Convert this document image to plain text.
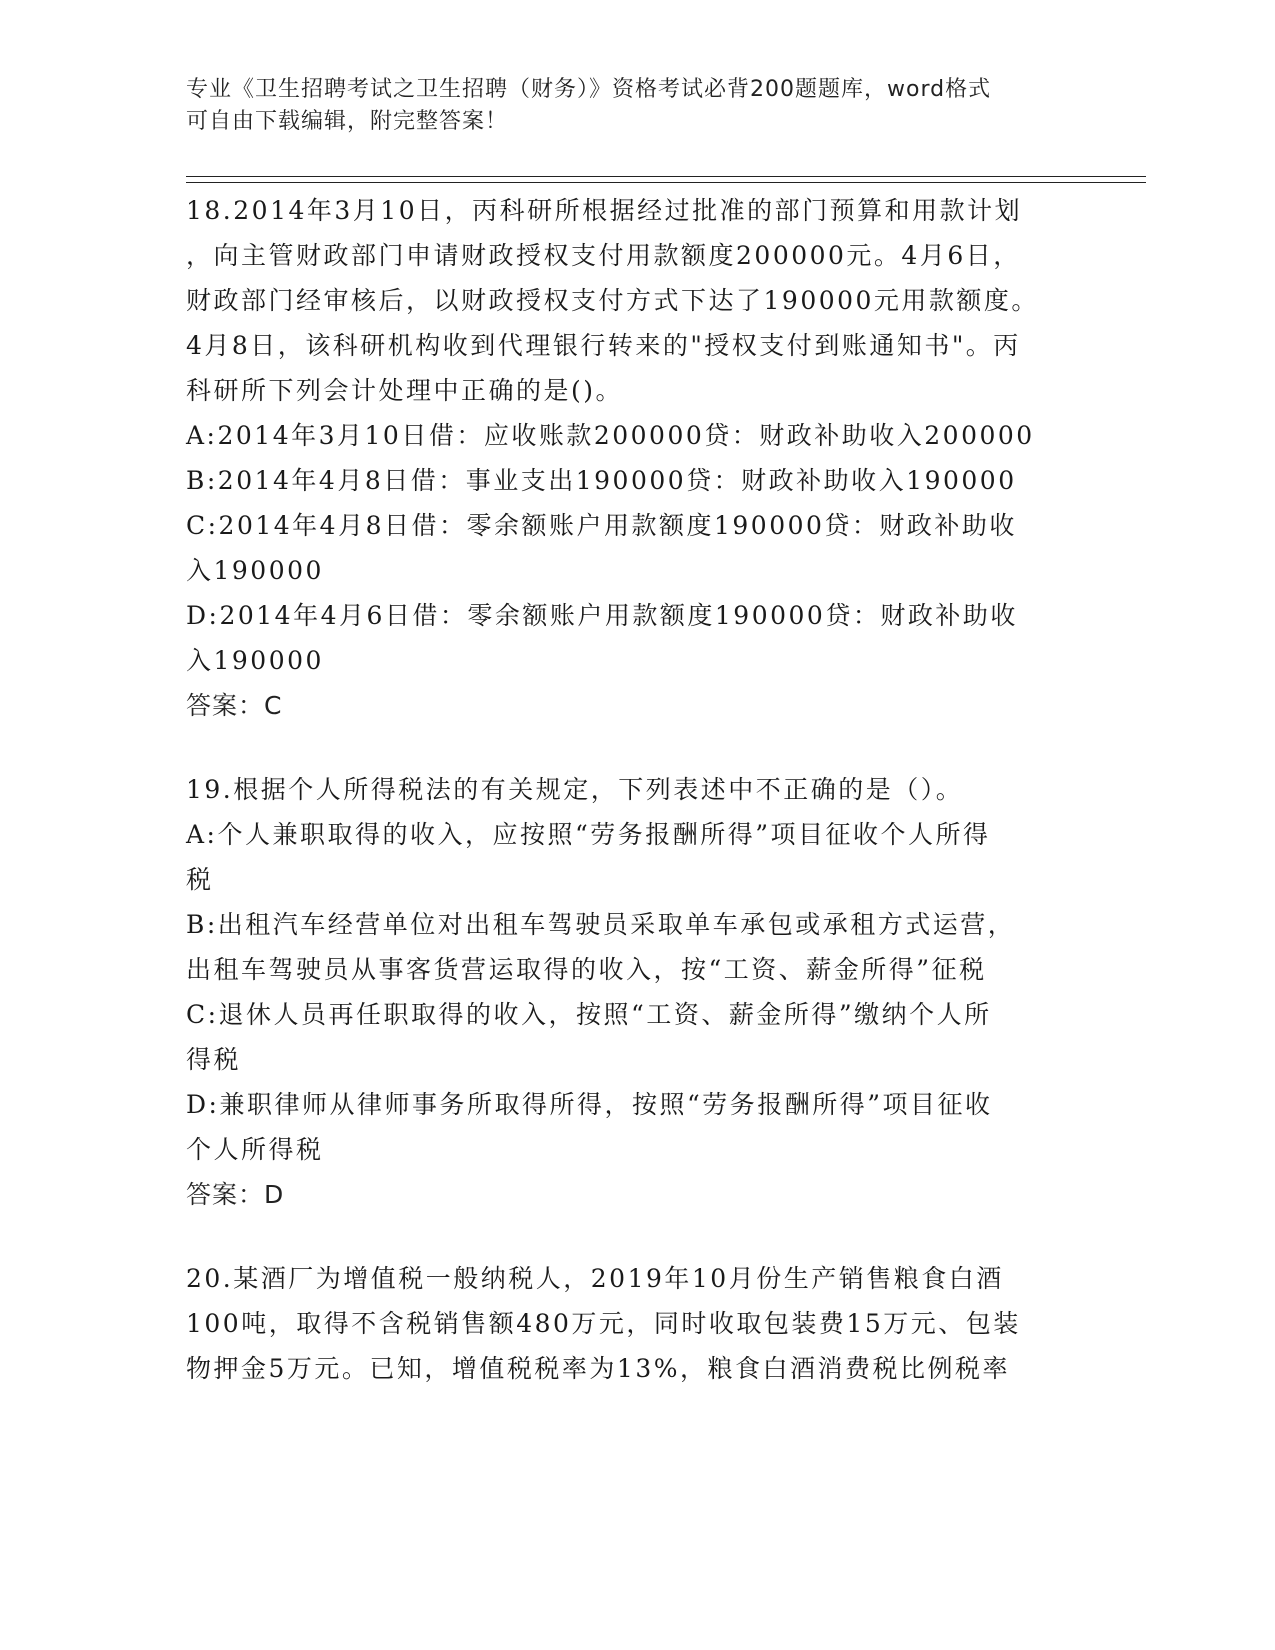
专业《卫生招聘考试之卫生招聘（财务）》资格考试必背200题题库，word格式
可自由下载编辑，附完整答案！
18.2014年3月10日，丙科研所根据经过批准的部门预算和用款计划
，向主管财政部门申请财政授权支付用款额度200000元。4月6日，
财政部门经审核后，以财政授权支付方式下达了190000元用款额度。
4月8日，该科研机构收到代理银行转来的"授权支付到账通知书"。丙
科研所下列会计处理中正确的是()。
A:2014年3月10日借：应收账款200000贷：财政补助收入200000
B:2014年4月8日借：事业支出190000贷：财政补助收入190000
C:2014年4月8日借：零余额账户用款额度190000贷：财政补助收
入190000
D:2014年4月6日借：零余额账户用款额度190000贷：财政补助收
入190000
答案：C
19.根据个人所得税法的有关规定，下列表述中不正确的是（）。
A:个人兼职取得的收入，应按照“劳务报酬所得”项目征收个人所得
税
B:出租汽车经营单位对出租车驾驶员采取单车承包或承租方式运营，
出租车驾驶员从事客货营运取得的收入，按“工资、薪金所得”征税
C:退休人员再任职取得的收入，按照“工资、薪金所得”缴纳个人所
得税
D:兼职律师从律师事务所取得所得，按照“劳务报酬所得”项目征收
个人所得税
答案：D
20.某酒厂为增值税一般纳税人，2019年10月份生产销售粮食白酒
100吨，取得不含税销售额480万元，同时收取包装费15万元、包装
物押金5万元。已知，增值税税率为13%，粮食白酒消费税比例税率
